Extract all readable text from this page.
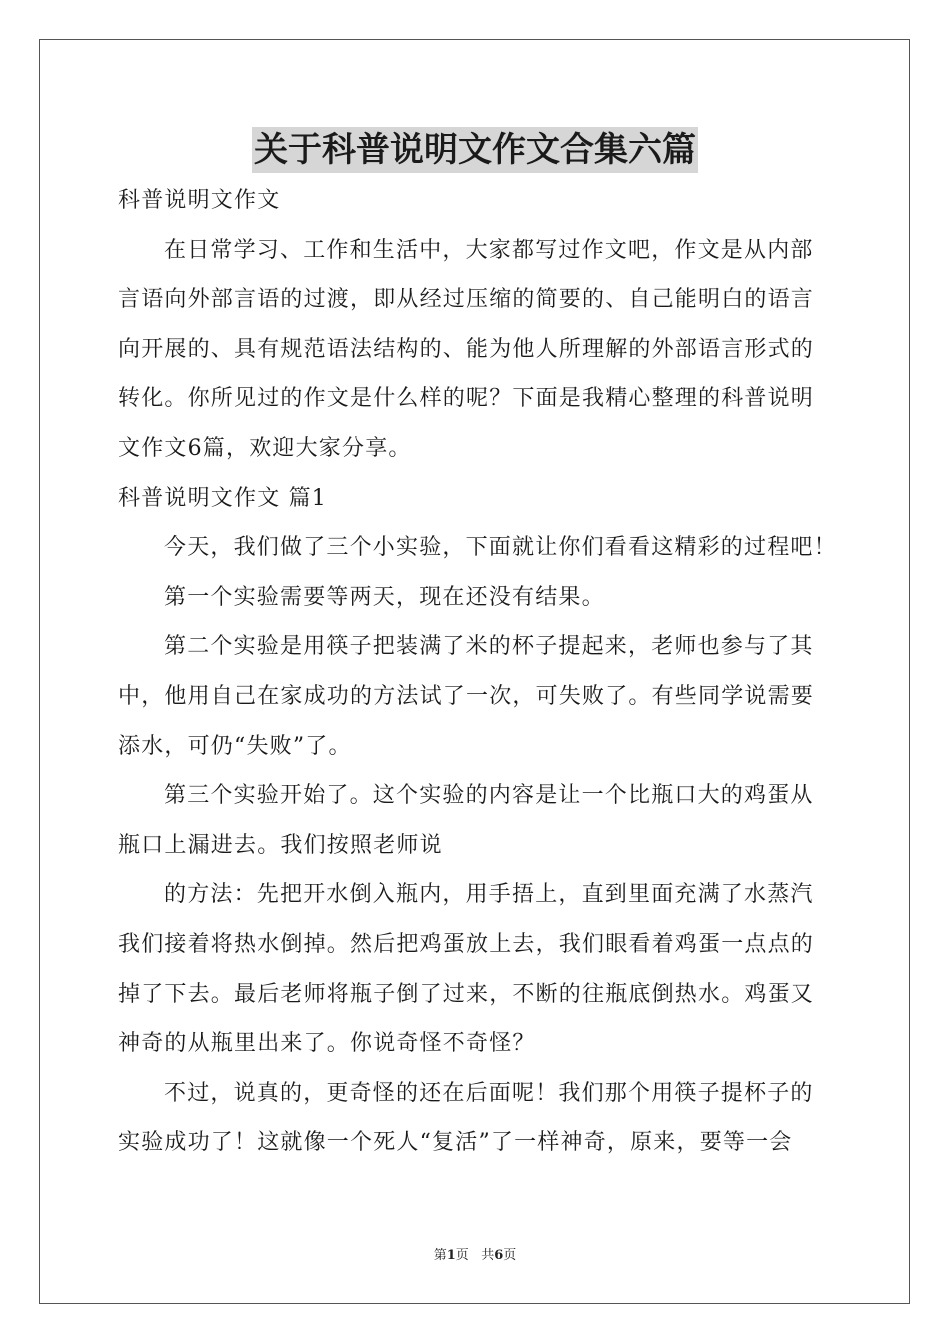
关于科普说明文作文合集六篇
科普说明文作文
在日常学习、工作和生活中，大家都写过作文吧，作文是从内部
言语向外部言语的过渡，即从经过压缩的简要的、自己能明白的语言
向开展的、具有规范语法结构的、能为他人所理解的外部语言形式的
转化。你所见过的作文是什么样的呢？下面是我精心整理的科普说明
文作文6篇，欢迎大家分享。
科普说明文作文 篇1
今天，我们做了三个小实验，下面就让你们看看这精彩的过程吧！
第一个实验需要等两天，现在还没有结果。
第二个实验是用筷子把装满了米的杯子提起来，老师也参与了其
中，他用自己在家成功的方法试了一次，可失败了。有些同学说需要
添水，可仍“失败”了。
第三个实验开始了。这个实验的内容是让一个比瓶口大的鸡蛋从
瓶口上漏进去。我们按照老师说
的方法：先把开水倒入瓶内，用手捂上，直到里面充满了水蒸汽
我们接着将热水倒掉。然后把鸡蛋放上去，我们眼看着鸡蛋一点点的
掉了下去。最后老师将瓶子倒了过来，不断的往瓶底倒热水。鸡蛋又
神奇的从瓶里出来了。你说奇怪不奇怪？
不过，说真的，更奇怪的还在后面呢！我们那个用筷子提杯子的
实验成功了！这就像一个死人“复活”了一样神奇，原来，要等一会
第1页 共6页
